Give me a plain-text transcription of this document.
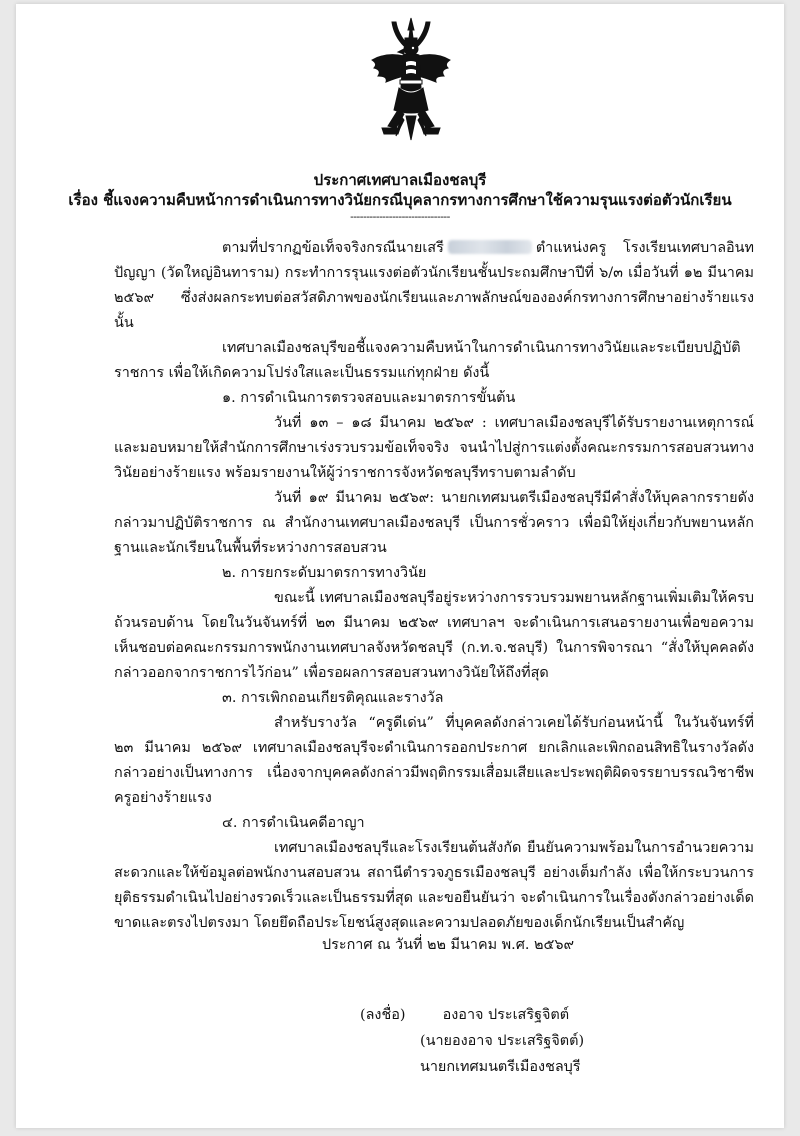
ประกาศเทศบาลเมืองชลบุรี
เรื่อง ชี้แจงความคืบหน้าการดำเนินการทางวินัยกรณีบุคลากรทางการศึกษาใช้ความรุนแรงต่อตัวนักเรียน
-------------------------------

ตามที่ปรากฏข้อเท็จจริงกรณีนายเสรี	ตำแหน่งครู โรงเรียนเทศบาลอินทปัญญา (วัดใหญ่อินทาราม) กระทำการรุนแรงต่อตัวนักเรียนชั้นประถมศึกษาปีที่ ๖/๓ เมื่อวันที่ ๑๒ มีนาคม ๒๕๖๙ ซึ่งส่งผลกระทบต่อสวัสดิภาพของนักเรียนและภาพลักษณ์ขององค์กรทางการศึกษาอย่างร้ายแรง นั้น

เทศบาลเมืองชลบุรีขอชี้แจงความคืบหน้าในการดำเนินการทางวินัยและระเบียบปฏิบัติราชการ เพื่อให้เกิดความโปร่งใสและเป็นธรรมแก่ทุกฝ่าย ดังนี้

๑. การดำเนินการตรวจสอบและมาตรการขั้นต้น

วันที่ ๑๓ – ๑๘ มีนาคม ๒๕๖๙ : เทศบาลเมืองชลบุรีได้รับรายงานเหตุการณ์และมอบหมายให้สำนักการศึกษาเร่งรวบรวมข้อเท็จจริง จนนำไปสู่การแต่งตั้งคณะกรรมการสอบสวนทางวินัยอย่างร้ายแรง พร้อมรายงานให้ผู้ว่าราชการจังหวัดชลบุรีทราบตามลำดับ

วันที่ ๑๙ มีนาคม ๒๕๖๙: นายกเทศมนตรีเมืองชลบุรีมีคำสั่งให้บุคลากรรายดังกล่าวมาปฏิบัติราชการ ณ สำนักงานเทศบาลเมืองชลบุรี เป็นการชั่วคราว เพื่อมิให้ยุ่งเกี่ยวกับพยานหลักฐานและนักเรียนในพื้นที่ระหว่างการสอบสวน

๒. การยกระดับมาตรการทางวินัย

ขณะนี้ เทศบาลเมืองชลบุรีอยู่ระหว่างการรวบรวมพยานหลักฐานเพิ่มเติมให้ครบถ้วนรอบด้าน โดยในวันจันทร์ที่ ๒๓ มีนาคม ๒๕๖๙ เทศบาลฯ จะดำเนินการเสนอรายงานเพื่อขอความเห็นชอบต่อคณะกรรมการพนักงานเทศบาลจังหวัดชลบุรี (ก.ท.จ.ชลบุรี) ในการพิจารณา “สั่งให้บุคคลดังกล่าวออกจากราชการไว้ก่อน” เพื่อรอผลการสอบสวนทางวินัยให้ถึงที่สุด

๓. การเพิกถอนเกียรติคุณและรางวัล

สำหรับรางวัล “ครูดีเด่น” ที่บุคคลดังกล่าวเคยได้รับก่อนหน้านี้ ในวันจันทร์ที่ ๒๓ มีนาคม ๒๕๖๙ เทศบาลเมืองชลบุรีจะดำเนินการออกประกาศ ยกเลิกและเพิกถอนสิทธิในรางวัลดังกล่าวอย่างเป็นทางการ เนื่องจากบุคคลดังกล่าวมีพฤติกรรมเสื่อมเสียและประพฤติผิดจรรยาบรรณวิชาชีพครูอย่างร้ายแรง

๔. การดำเนินคดีอาญา

เทศบาลเมืองชลบุรีและโรงเรียนต้นสังกัด ยืนยันความพร้อมในการอำนวยความสะดวกและให้ข้อมูลต่อพนักงานสอบสวน สถานีตำรวจภูธรเมืองชลบุรี อย่างเต็มกำลัง เพื่อให้กระบวนการยุติธรรมดำเนินไปอย่างรวดเร็วและเป็นธรรมที่สุด และขอยืนยันว่า จะดำเนินการในเรื่องดังกล่าวอย่างเด็ดขาดและตรงไปตรงมา โดยยึดถือประโยชน์สูงสุดและความปลอดภัยของเด็กนักเรียนเป็นสำคัญ

ประกาศ ณ วันที่ ๒๒ มีนาคม พ.ศ. ๒๕๖๙
(ลงชื่อ)	องอาจ ประเสริฐจิตต์
(นายองอาจ ประเสริฐจิตต์)
นายกเทศมนตรีเมืองชลบุรี
